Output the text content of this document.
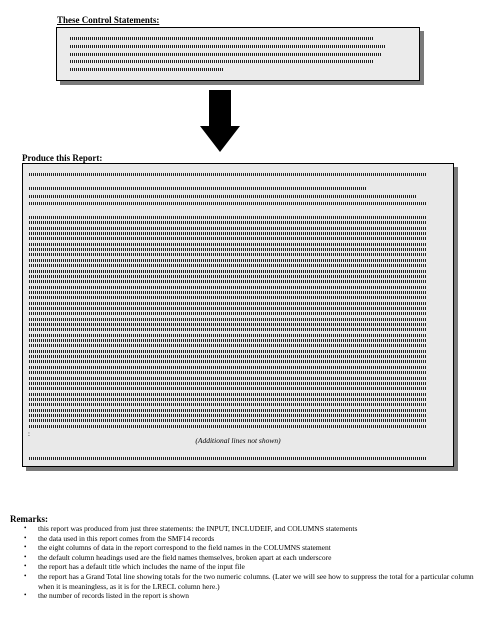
These Control Statements:
Produce this Report:
:
(Additional lines not shown)
Remarks:
• this report was produced from just three statements: the INPUT, INCLUDEIF, and COLUMNS statements
• the data used in this report comes from the SMF14 records
• the eight columns of data in the report correspond to the field names in the COLUMNS statement
• the default column headings used are the field names themselves, broken apart at each underscore
• the report has a default title which includes the name of the input file
• the report has a Grand Total line showing totals for the two numeric columns. (Later we will see how to suppress the total for a particular column when it is meaningless, as it is for the LRECL column here.)
• the number of records listed in the report is shown
